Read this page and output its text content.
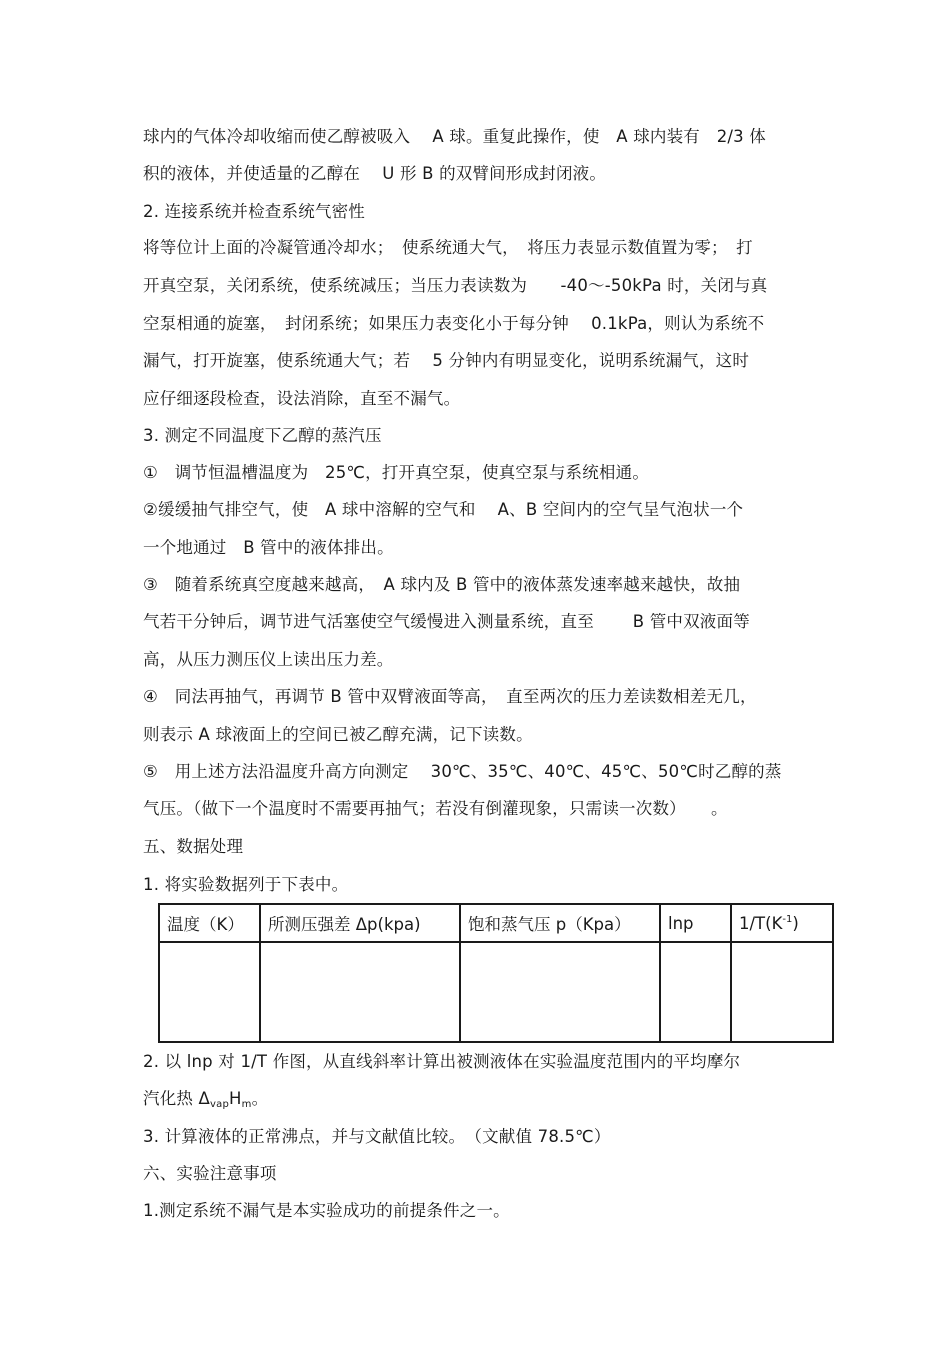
球内的气体冷却收缩而使乙醇被吸入　 A 球。重复此操作，使　A 球内装有　2/3 体
积的液体，并使适量的乙醇在　 U 形 B 的双臂间形成封闭液。
2. 连接系统并检查系统气密性
将等位计上面的冷凝管通冷却水；　使系统通大气，　将压力表显示数值置为零；　打
开真空泵，关闭系统，使系统减压；当压力表读数为　　-40～-50kPa 时，关闭与真
空泵相通的旋塞，　封闭系统；如果压力表变化小于每分钟　 0.1kPa，则认为系统不
漏气，打开旋塞，使系统通大气；若　 5 分钟内有明显变化，说明系统漏气，这时
应仔细逐段检查，设法消除，直至不漏气。
3. 测定不同温度下乙醇的蒸汽压
①　调节恒温槽温度为　25℃，打开真空泵，使真空泵与系统相通。
②缓缓抽气排空气，使　A 球中溶解的空气和　 A、B 空间内的空气呈气泡状一个
一个地通过　B 管中的液体排出。
③　随着系统真空度越来越高，　A 球内及 B 管中的液体蒸发速率越来越快，故抽
气若干分钟后，调节进气活塞使空气缓慢进入测量系统，直至　　 B 管中双液面等
高，从压力测压仪上读出压力差。
④　同法再抽气，再调节 B 管中双臂液面等高，　直至两次的压力差读数相差无几，
则表示 A 球液面上的空间已被乙醇充满，记下读数。
⑤　用上述方法沿温度升高方向测定　 30℃、35℃、40℃、45℃、50℃时乙醇的蒸
气压。（做下一个温度时不需要再抽气；若没有倒灌现象，只需读一次数）　　。
五、数据处理
1. 将实验数据列于下表中。
温度（K）	所测压强差 Δp(kpa)	饱和蒸气压 p（Kpa）	lnp	$1/T(K^{-1})$

2. 以 lnp 对 1/T 作图，从直线斜率计算出被测液体在实验温度范围内的平均摩尔
汽化热 $\Delta_{vap}H_m$。
3. 计算液体的正常沸点，并与文献值比较。　（文献值 78.5℃）
六、实验注意事项
1.测定系统不漏气是本实验成功的前提条件之一。
